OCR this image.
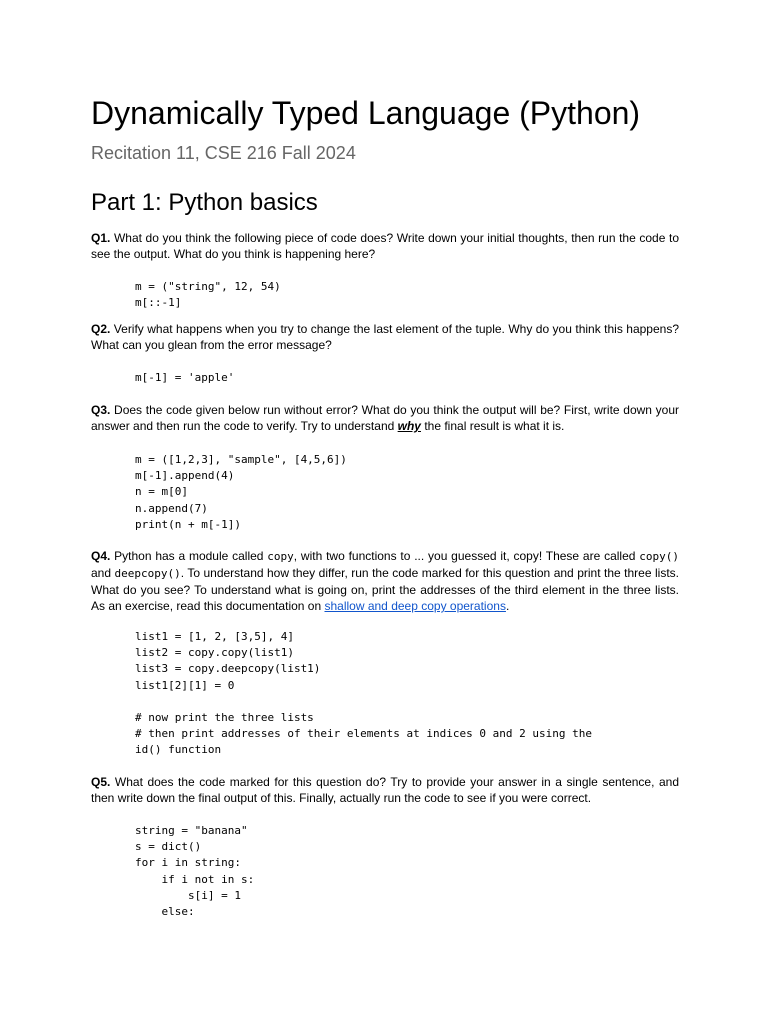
Dynamically Typed Language (Python)
Recitation 11, CSE 216 Fall 2024
Part 1: Python basics

Q1. What do you think the following piece of code does? Write down your initial thoughts, then run the code to see the output. What do you think is happening here?

m = ("string", 12, 54)
m[::-1]

Q2. Verify what happens when you try to change the last element of the tuple. Why do you think this happens? What can you glean from the error message?

m[-1] = 'apple'

Q3. Does the code given below run without error? What do you think the output will be? First, write down your answer and then run the code to verify. Try to understand why the final result is what it is.

m = ([1,2,3], "sample", [4,5,6])
m[-1].append(4)
n = m[0]
n.append(7)
print(n + m[-1])

Q4. Python has a module called copy, with two functions to ... you guessed it, copy! These are called copy() and deepcopy(). To understand how they differ, run the code marked for this question and print the three lists. What do you see? To understand what is going on, print the addresses of the third element in the three lists. As an exercise, read this documentation on shallow and deep copy operations.

list1 = [1, 2, [3,5], 4]
list2 = copy.copy(list1)
list3 = copy.deepcopy(list1)
list1[2][1] = 0
# now print the three lists
# then print addresses of their elements at indices 0 and 2 using the
id() function

Q5. What does the code marked for this question do? Try to provide your answer in a single sentence, and then write down the final output of this. Finally, actually run the code to see if you were correct.

string = "banana"
s = dict()
for i in string:
if i not in s:
s[i] = 1
else:
